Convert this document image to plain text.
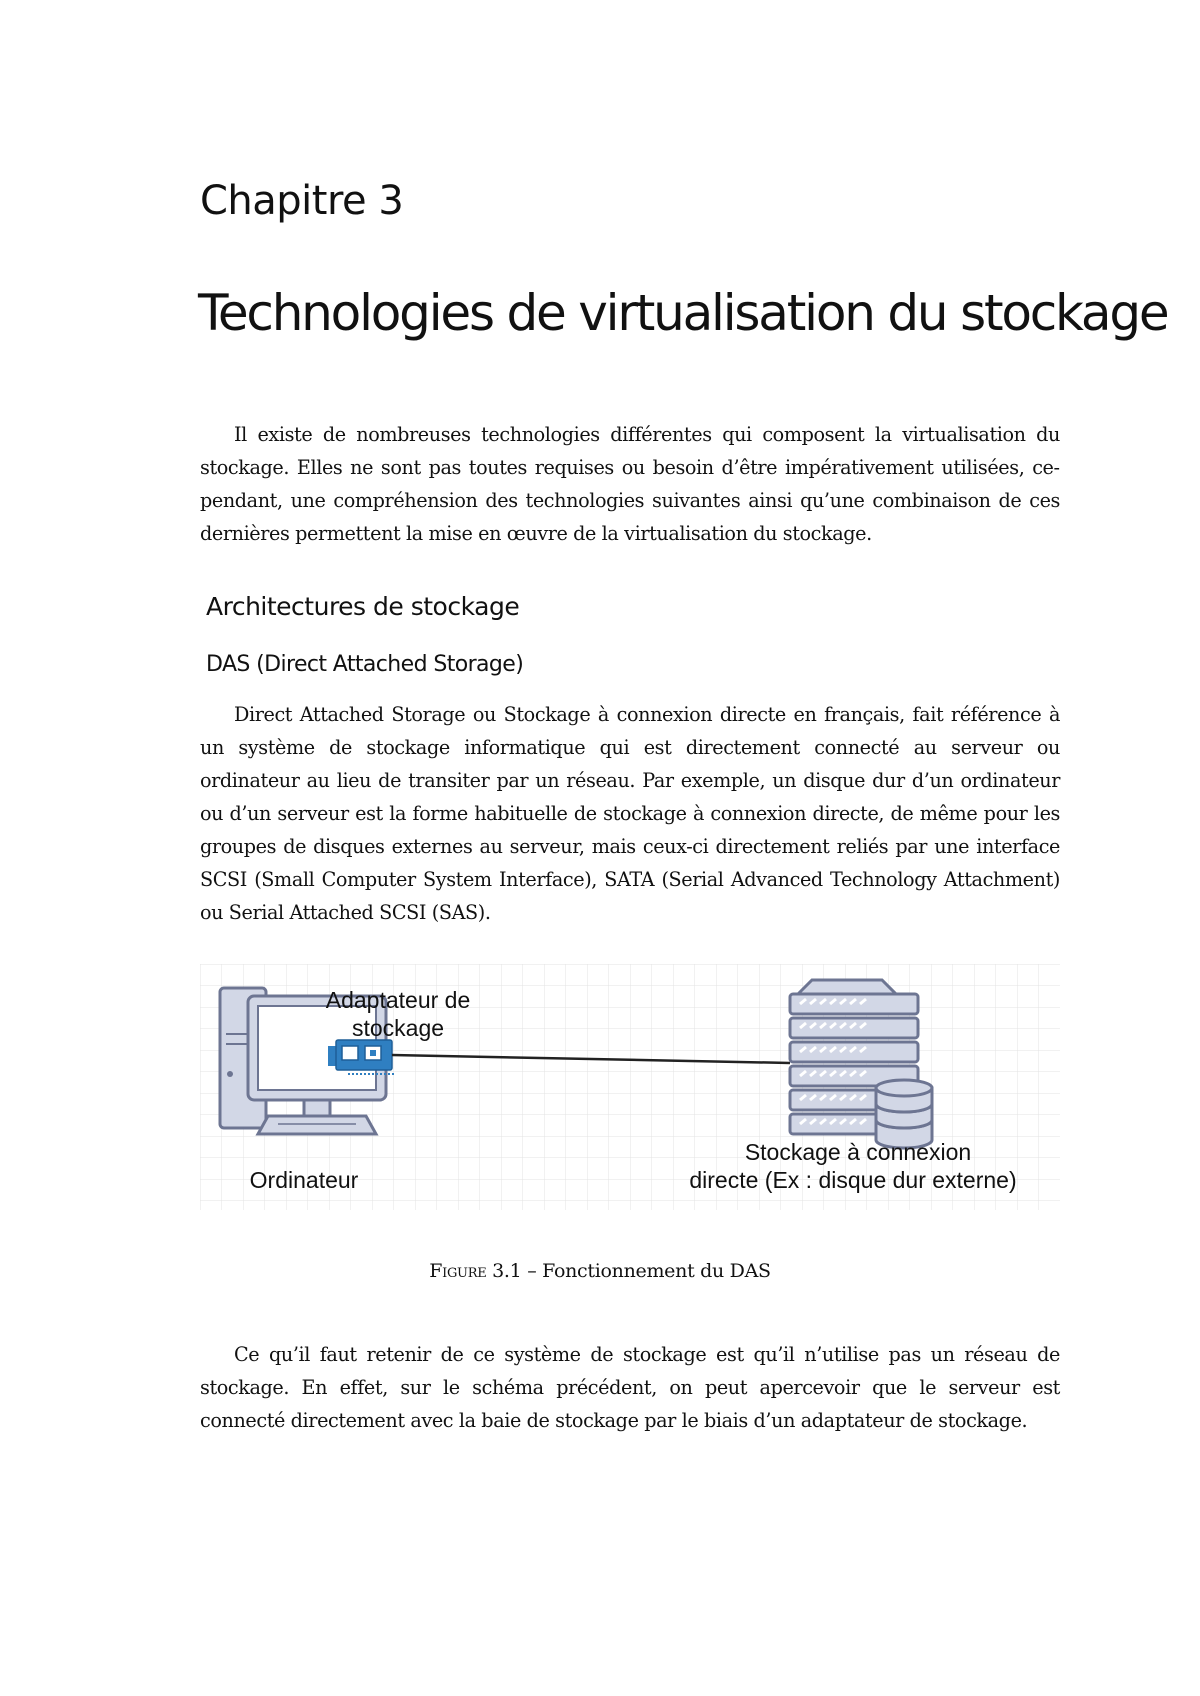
Chapitre 3
Technologies de virtualisation du stockage

Il existe de nombreuses technologies différentes qui composent la virtualisation du stockage. Elles ne sont pas toutes requises ou besoin d’être impérativement utilisées, cependant, une compréhension des technologies suivantes ainsi qu’une combinaison de ces dernières permettent la mise en œuvre de la virtualisation du stockage.

Architectures de stockage
DAS (Direct Attached Storage)

Direct Attached Storage ou Stockage à connexion directe en français, fait référence à un système de stockage informatique qui est directement connecté au serveur ou ordinateur au lieu de transiter par un réseau. Par exemple, un disque dur d’un ordinateur ou d’un serveur est la forme habituelle de stockage à connexion directe, de même pour les groupes de disques externes au serveur, mais ceux-ci directement reliés par une interface SCSI (Small Computer System Interface), SATA (Serial Advanced Technology Attachment) ou Serial Attached SCSI (SAS).

Adaptateur de
stockage
Ordinateur
Stockage à connexion
directe (Ex : disque dur externe)
Figure 3.1 – Fonctionnement du DAS

Ce qu’il faut retenir de ce système de stockage est qu’il n’utilise pas un réseau de stockage. En effet, sur le schéma précédent, on peut apercevoir que le serveur est connecté directement avec la baie de stockage par le biais d’un adaptateur de stockage.
